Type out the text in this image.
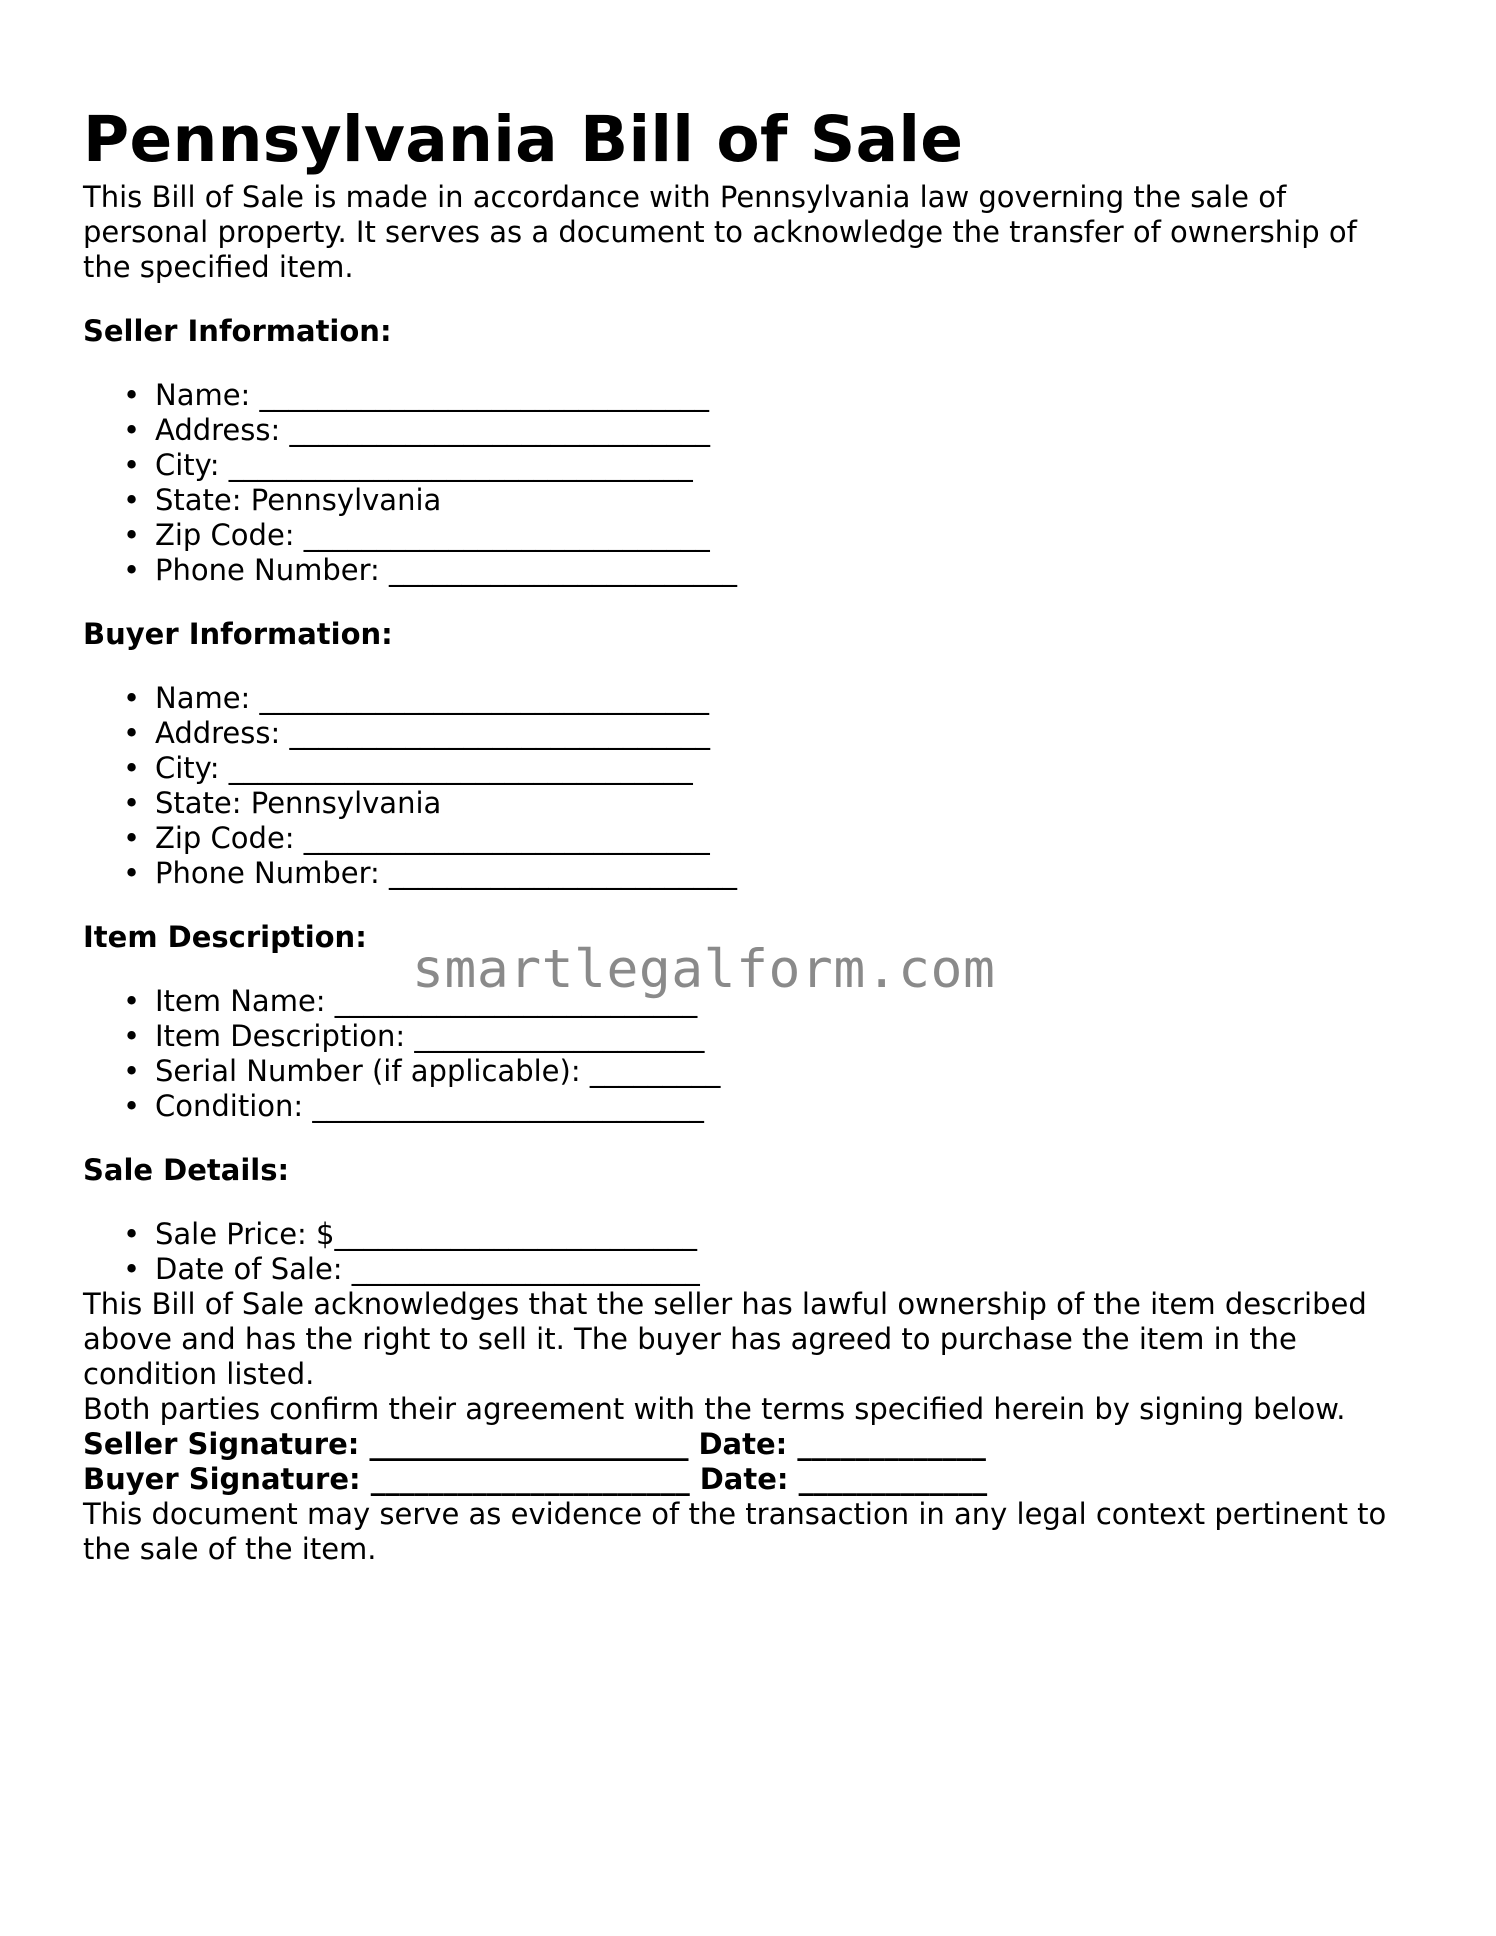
Pennsylvania Bill of Sale

This Bill of Sale is made in accordance with Pennsylvania law governing the sale of personal property. It serves as a document to acknowledge the transfer of ownership of the specified item.

Seller Information:
• Name: _______________________________
• Address: _____________________________
• City: ________________________________
• State: Pennsylvania
• Zip Code: ____________________________
• Phone Number: ________________________
Buyer Information:
• Name: _______________________________
• Address: _____________________________
• City: ________________________________
• State: Pennsylvania
• Zip Code: ____________________________
• Phone Number: ________________________
Item Description:
• Item Name: _________________________
• Item Description: ____________________
• Serial Number (if applicable): _________
• Condition: ___________________________
Sale Details:
• Sale Price: $_________________________
• Date of Sale: ________________________

This Bill of Sale acknowledges that the seller has lawful ownership of the item described above and has the right to sell it. The buyer has agreed to purchase the item in the condition listed.

Both parties confirm their agreement with the terms specified herein by signing below.

Seller Signature: ______________________ Date: _____________

Buyer Signature: ______________________ Date: _____________

This document may serve as evidence of the transaction in any legal context pertinent to the sale of the item.

smartlegalform.com
